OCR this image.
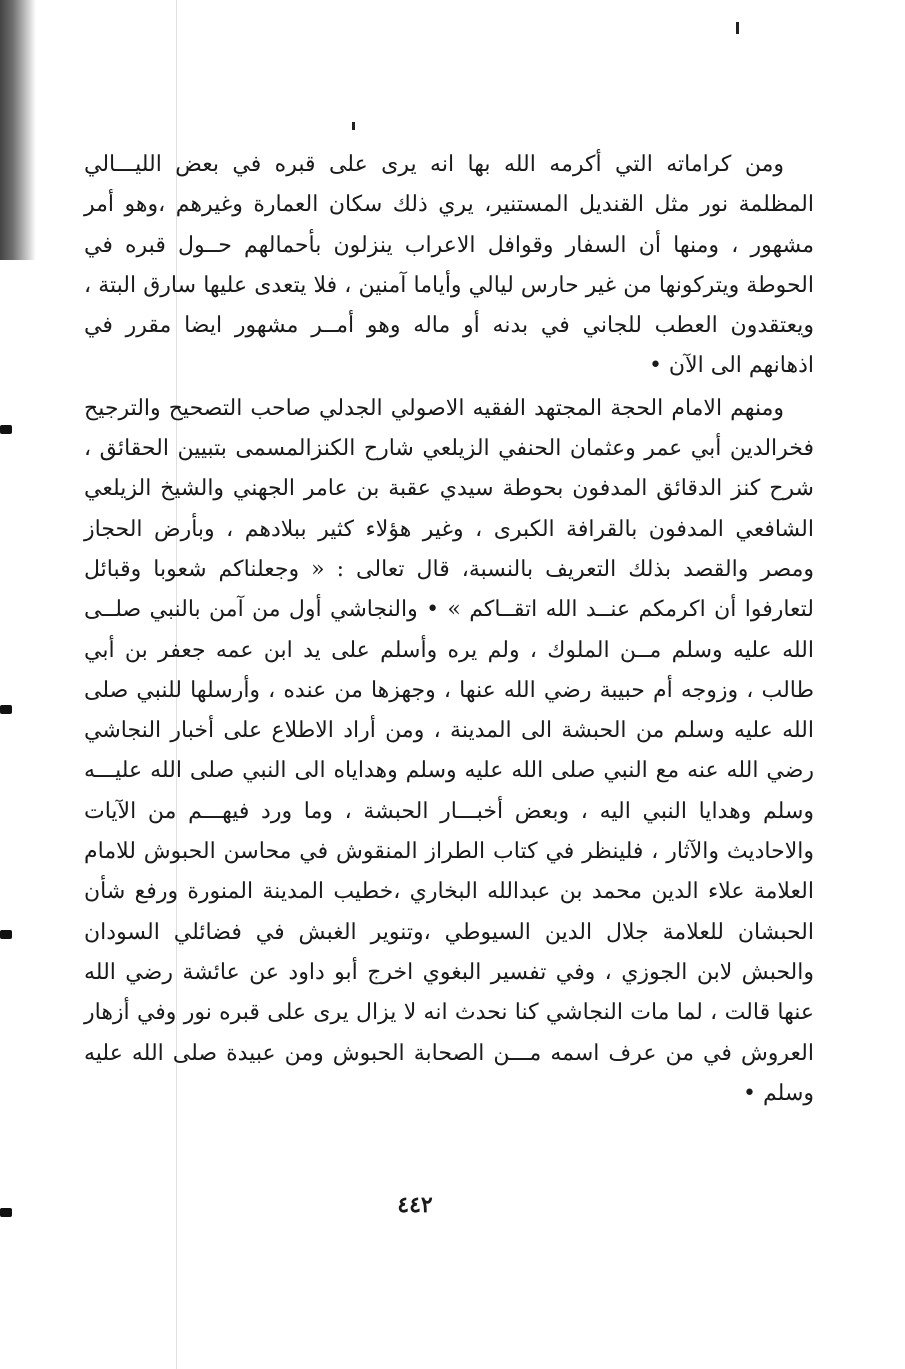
ومن كراماته التي أكرمه الله بها انه يرى على قبره في بعض الليـــالي المظلمة نور مثل القنديل المستنير، يري ذلك سكان العمارة وغيرهم ،وهو أمر مشهور ، ومنها أن السفار وقوافل الاعراب ينزلون بأحمالهم حــول قبره في الحوطة ويتركونها من غير حارس ليالي وأياما آمنين ، فلا يتعدى عليها سارق البتة ، ويعتقدون العطب للجاني في بدنه أو ماله وهو أمــر مشهور ايضا مقرر في اذهانهم الى الآن •

ومنهم الامام الحجة المجتهد الفقيه الاصولي الجدلي صاحب التصحيح والترجيح فخرالدين أبي عمر وعثمان الحنفي الزيلعي شارح الكنزالمسمى بتبيين الحقائق ، شرح كنز الدقائق المدفون بحوطة سيدي عقبة بن عامر الجهني والشيخ الزيلعي الشافعي المدفون بالقرافة الكبرى ، وغير هؤلاء كثير ببلادهم ، وبأرض الحجاز ومصر والقصد بذلك التعريف بالنسبة، قال تعالى : « وجعلناكم شعوبا وقبائل لتعارفوا أن اكرمكم عنــد الله اتقــاكم » • والنجاشي أول من آمن بالنبي صلــى الله عليه وسلم مــن الملوك ، ولم يره وأسلم على يد ابن عمه جعفر بن أبي طالب ، وزوجه أم حبيبة رضي الله عنها ، وجهزها من عنده ، وأرسلها للنبي صلى الله عليه وسلم من الحبشة الى المدينة ، ومن أراد الاطلاع على أخبار النجاشي رضي الله عنه مع النبي صلى الله عليه وسلم وهداياه الى النبي صلى الله عليـــه وسلم وهدايا النبي اليه ، وبعض أخبـــار الحبشة ، وما ورد فيهـــم من الآيات والاحاديث والآثار ، فلينظر في كتاب الطراز المنقوش في محاسن الحبوش للامام العلامة علاء الدين محمد بن عبدالله البخاري ،خطيب المدينة المنورة ورفع شأن الحبشان للعلامة جلال الدين السيوطي ،وتنوير الغبش في فضائلي السودان والحبش لابن الجوزي ، وفي تفسير البغوي اخرج أبو داود عن عائشة رضي الله عنها قالت ، لما مات النجاشي كنا نحدث انه لا يزال يرى على قبره نور وفي أزهار العروش في من عرف اسمه مـــن الصحابة الحبوش ومن عبيدة صلى الله عليه وسلم •

٤٤٢
